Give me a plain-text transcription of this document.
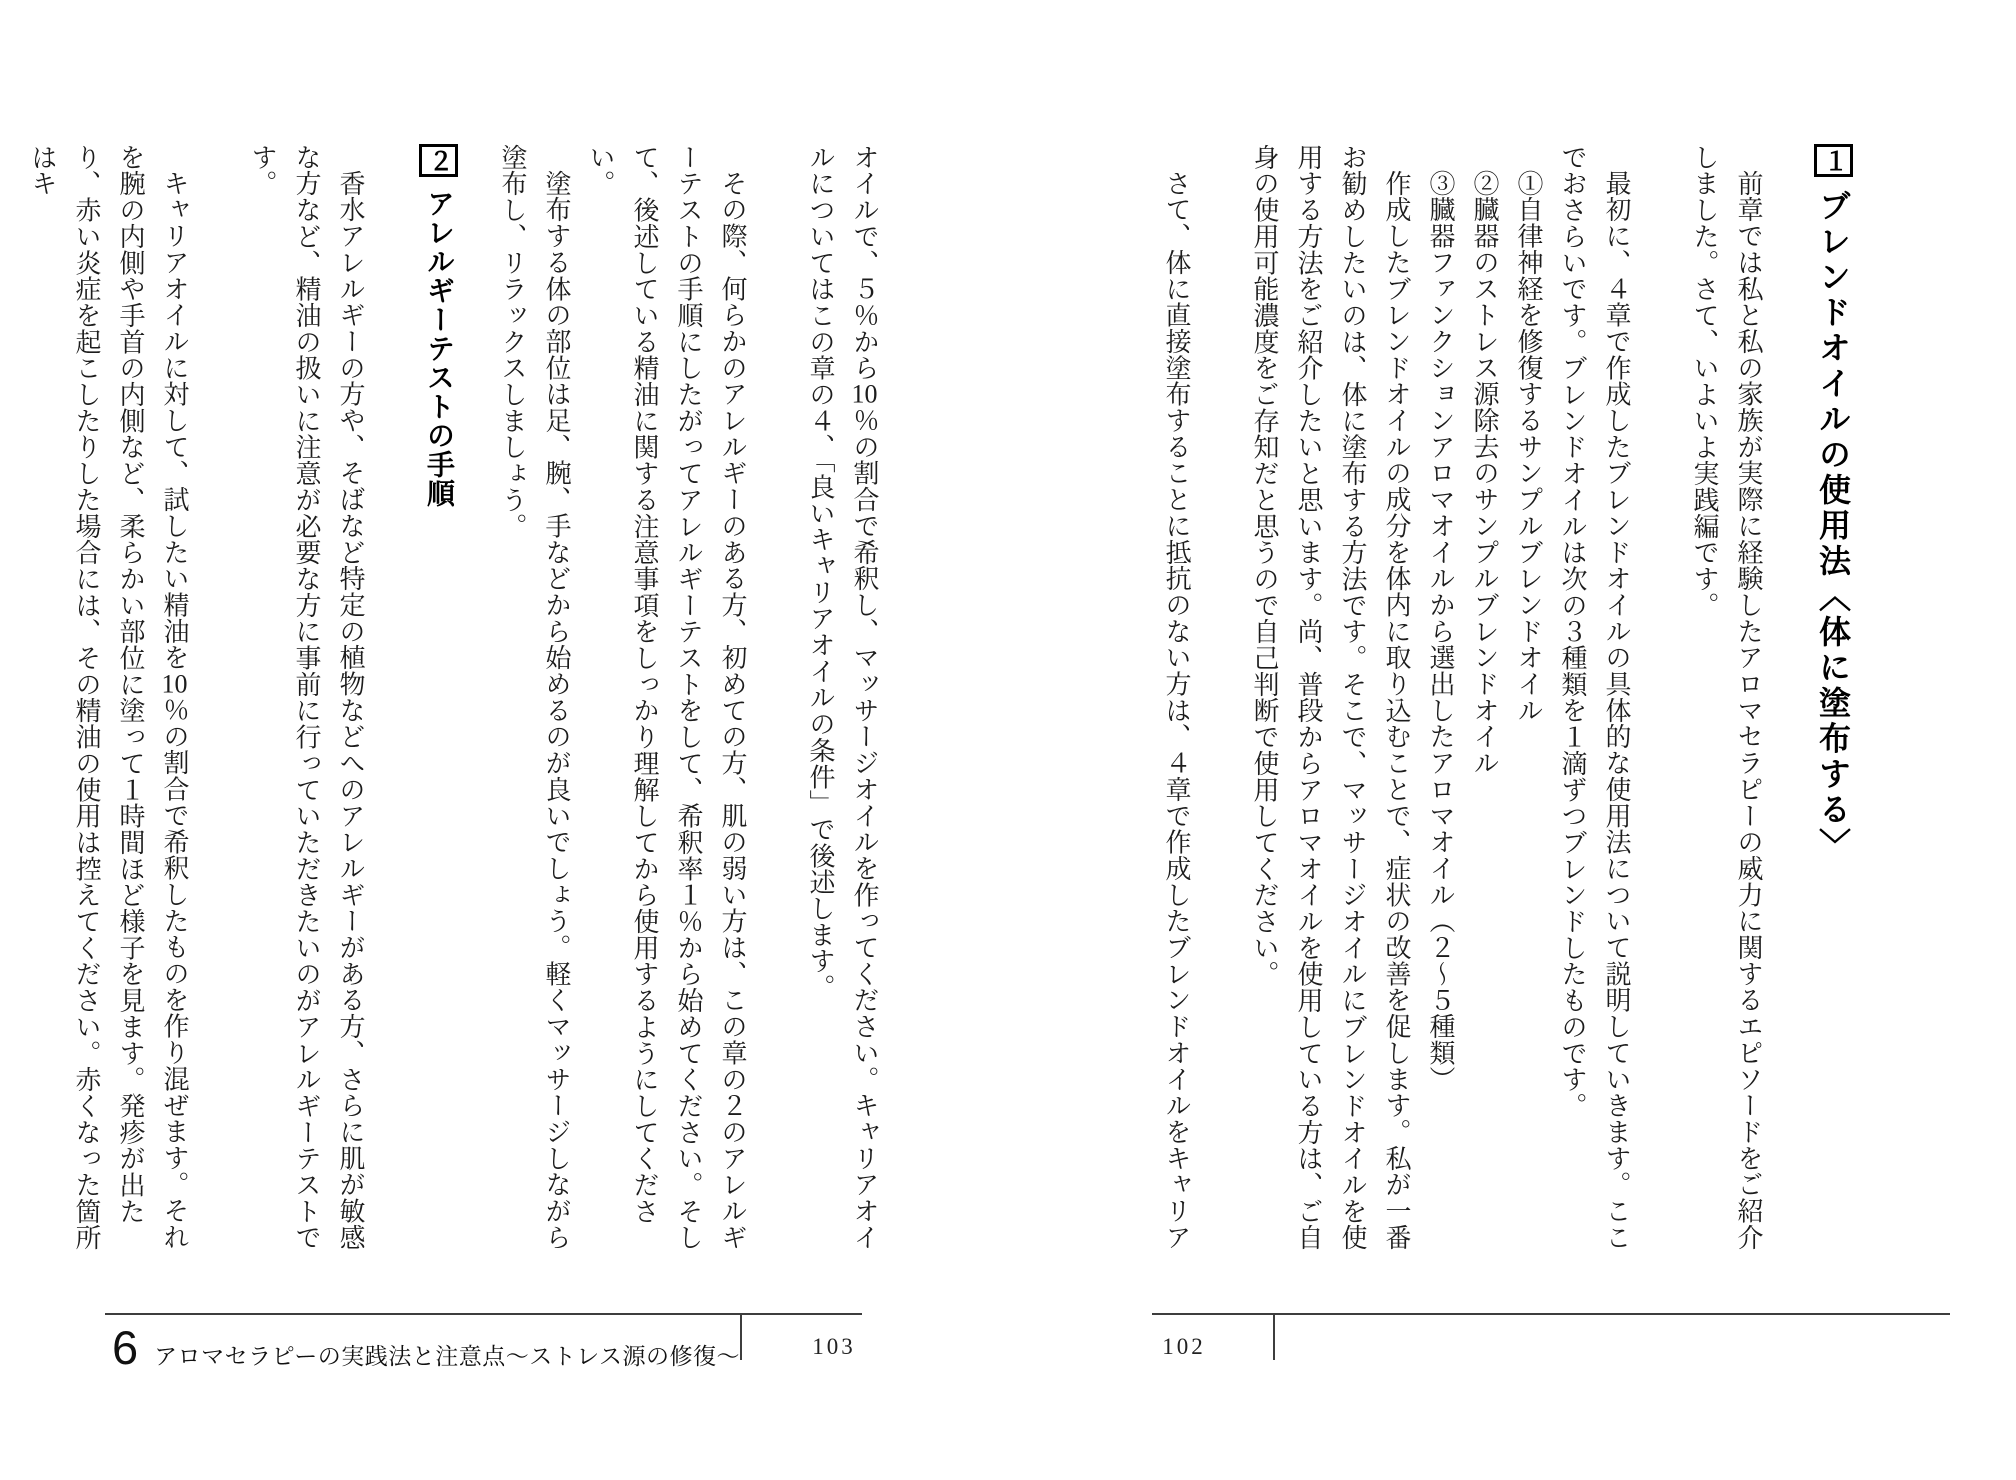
１ブレンドオイルの使用法〈体に塗布する〉

前章では私と私の家族が実際に経験したアロマセラピーの威力に関するエピソードをご紹介しました。さて、いよいよ実践編です。

最初に、４章で作成したブレンドオイルの具体的な使用法について説明していきます。ここでおさらいです。ブレンドオイルは次の３種類を１滴ずつブレンドしたものです。

①自律神経を修復するサンプルブレンドオイル

②臓器のストレス源除去のサンプルブレンドオイル

③臓器ファンクションアロマオイルから選出したアロマオイル（２〜５種類）

作成したブレンドオイルの成分を体内に取り込むことで、症状の改善を促します。私が一番お勧めしたいのは、体に塗布する方法です。そこで、マッサージオイルにブレンドオイルを使用する方法をご紹介したいと思います。尚、普段からアロマオイルを使用している方は、ご自身の使用可能濃度をご存知だと思うので自己判断で使用してください。

さて、体に直接塗布することに抵抗のない方は、４章で作成したブレンドオイルをキャリア

102

オイルで、５％から10％の割合で希釈し、マッサージオイルを作ってください。キャリアオイルについてはこの章の４、「良いキャリアオイルの条件」で後述します。

その際、何らかのアレルギーのある方、初めての方、肌の弱い方は、この章の２のアレルギーテストの手順にしたがってアレルギーテストをして、希釈率１％から始めてください。そして、後述している精油に関する注意事項をしっかり理解してから使用するようにしてください。

塗布する体の部位は足、腕、手などから始めるのが良いでしょう。軽くマッサージしながら塗布し、リラックスしましょう。

２アレルギーテストの手順

香水アレルギーの方や、そばなど特定の植物などへのアレルギーがある方、さらに肌が敏感な方など、精油の扱いに注意が必要な方に事前に行っていただきたいのがアレルギーテストです。

キャリアオイルに対して、試したい精油を10％の割合で希釈したものを作り混ぜます。それを腕の内側や手首の内側など、柔らかい部位に塗って１時間ほど様子を見ます。発疹が出たり、赤い炎症を起こしたりした場合には、その精油の使用は控えてください。赤くなった箇所はキ

103
6 アロマセラピーの実践法と注意点〜ストレス源の修復〜
